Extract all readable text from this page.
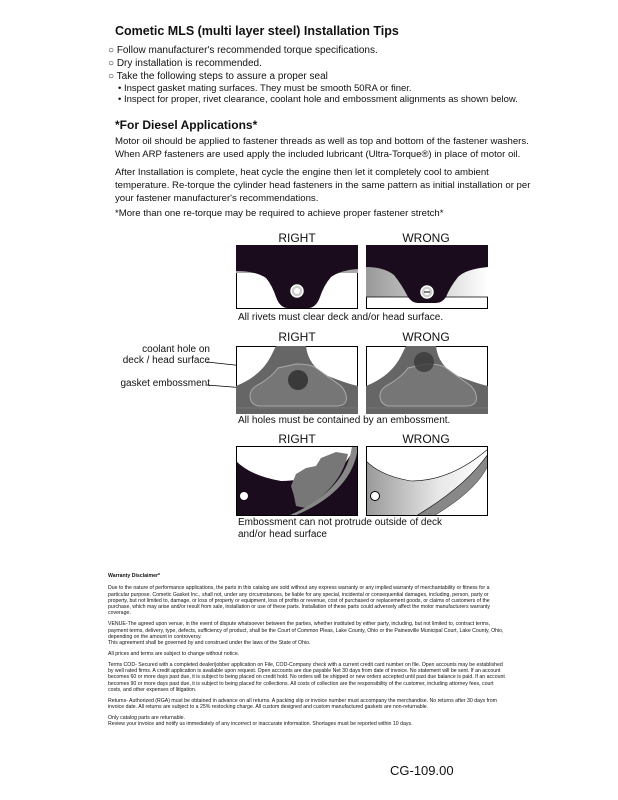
Cometic MLS (multi layer steel) Installation Tips
○ Follow manufacturer's recommended torque specifications.
○ Dry installation is recommended.
○ Take the following steps to assure a proper seal
• Inspect gasket mating surfaces. They must be smooth 50RA or finer.
• Inspect for proper, rivet clearance, coolant hole and embossment alignments as shown below.
*For Diesel Applications*
Motor oil should be applied to fastener threads as well as top and bottom of the fastener washers. When ARP fasteners are used apply the included lubricant (Ultra-Torque®) in place of motor oil.
After Installation is complete, heat cycle the engine then let it completely cool to ambient temperature. Re-torque the cylinder head fasteners in the same pattern as initial installation or per your fastener manufacturer's recommendations.
*More than one re-torque may be required to achieve proper fastener stretch*
RIGHT	WRONG
All rivets must clear deck and/or head surface.
RIGHT	WRONG
coolant hole on
deck / head surface
gasket embossment
All holes must be contained by an embossment.
RIGHT	WRONG
Embossment can not protrude outside of deck
and/or head surface

Warranty Disclaimer*

Due to the nature of performance applications, the parts in this catalog are sold without any express warranty or any implied warranty of merchantability or fitness for a particular purpose. Cometic Gasket Inc., shall not, under any circumstances, be liable for any special, incidental or consequential damages, including, person, party or property, but not limited to, damage, or loss of property or equipment, loss of profits or revenue, cost of purchased or replacement goods, or claims of customers of the purchase, which may arise and/or result from sale, installation or use of these parts. Installation of these parts could adversely affect the motor manufacturers warranty coverage.

VENUE-The agreed upon venue, in the event of dispute whatsoever between the parties, whether instituted by either party, including, but not limited to, contract terms, payment terms, delivery, type, defects, sufficiency of product, shall be the Court of Common Pleas, Lake County, Ohio or the Painesville Municipal Court, Lake County, Ohio, depending on the amount in controversy.

This agreement shall be governed by and construed under the laws of the State of Ohio.

All prices and terms are subject to change without notice.

Terms COD- Secured with a completed dealer/jobber application on File, COD-Company check with a current credit card number on file. Open accounts may be established by well rated firms. A credit application is available upon request. Open accounts are due payable Net 30 days from date of invoice. No statement will be sent. If an account becomes 60 or more days past due, it is subject to being placed on credit hold. No orders will be shipped or new orders accepted until past due balance is paid. If an account becomes 90 or more days past due, it is subject to being placed for collections. All costs of collection are the responsibility of the customer, including attorney fees, court costs, and other expenses of litigation.

Returns- Authorized (RGA) must be obtained in advance on all returns. A packing slip or invoice number must accompany the merchandise. No returns after 30 days from invoice date. All returns are subject to a 25% restocking charge. All custom designed and custom manufactured gaskets are non-returnable.

Only catalog parts are returnable.

Review your invoice and notify us immediately of any incorrect or inaccurate information. Shortages must be reported within 10 days.

CG-109.00
